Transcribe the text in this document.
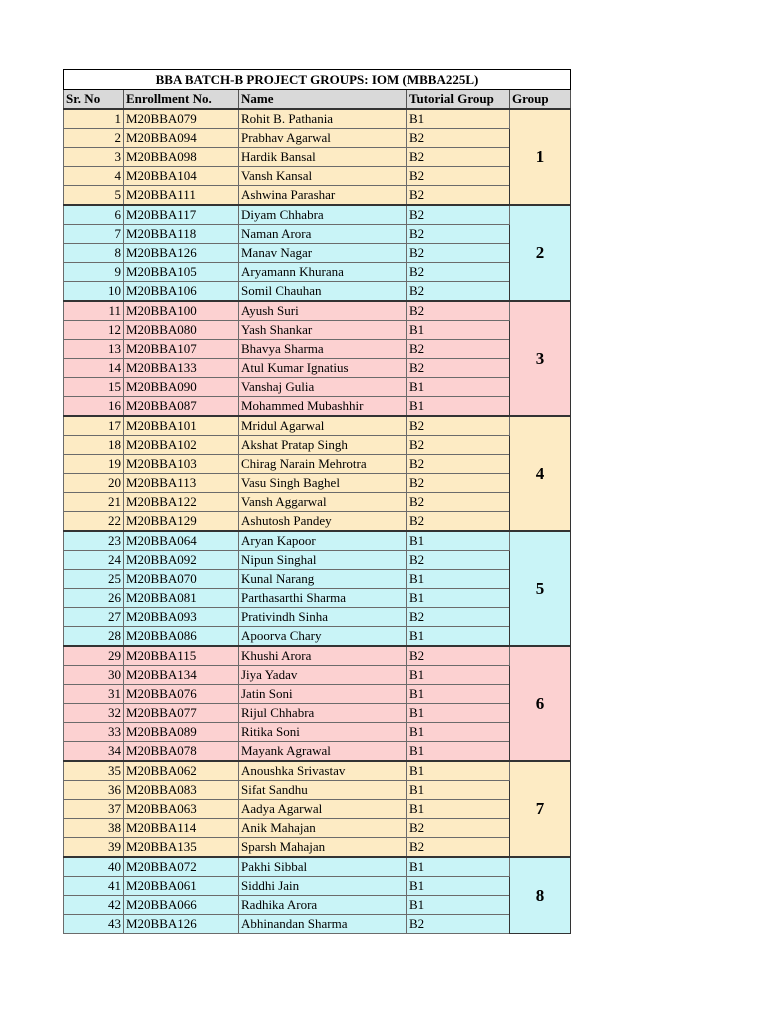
BBA BATCH-B PROJECT GROUPS: IOM (MBBA225L)				
Sr. No	Enrollment No.	Name	Tutorial Group	Group
1	M20BBA079	Rohit B. Pathania	B1	1
2	M20BBA094	Prabhav Agarwal	B2	
3	M20BBA098	Hardik Bansal	B2	
4	M20BBA104	Vansh Kansal	B2	
5	M20BBA111	Ashwina Parashar	B2	
6	M20BBA117	Diyam Chhabra	B2	2
7	M20BBA118	Naman Arora	B2	
8	M20BBA126	Manav Nagar	B2	
9	M20BBA105	Aryamann Khurana	B2	
10	M20BBA106	Somil Chauhan	B2	
11	M20BBA100	Ayush Suri	B2	3
12	M20BBA080	Yash Shankar	B1	
13	M20BBA107	Bhavya Sharma	B2	
14	M20BBA133	Atul Kumar Ignatius	B2	
15	M20BBA090	Vanshaj Gulia	B1	
16	M20BBA087	Mohammed Mubashhir	B1	
17	M20BBA101	Mridul Agarwal	B2	4
18	M20BBA102	Akshat Pratap Singh	B2	
19	M20BBA103	Chirag Narain Mehrotra	B2	
20	M20BBA113	Vasu Singh Baghel	B2	
21	M20BBA122	Vansh Aggarwal	B2	
22	M20BBA129	Ashutosh Pandey	B2	
23	M20BBA064	Aryan Kapoor	B1	5
24	M20BBA092	Nipun Singhal	B2	
25	M20BBA070	Kunal Narang	B1	
26	M20BBA081	Parthasarthi Sharma	B1	
27	M20BBA093	Prativindh Sinha	B2	
28	M20BBA086	Apoorva Chary	B1	
29	M20BBA115	Khushi Arora	B2	6
30	M20BBA134	Jiya Yadav	B1	
31	M20BBA076	Jatin Soni	B1	
32	M20BBA077	Rijul Chhabra	B1	
33	M20BBA089	Ritika Soni	B1	
34	M20BBA078	Mayank Agrawal	B1	
35	M20BBA062	Anoushka Srivastav	B1	7
36	M20BBA083	Sifat Sandhu	B1	
37	M20BBA063	Aadya Agarwal	B1	
38	M20BBA114	Anik Mahajan	B2	
39	M20BBA135	Sparsh Mahajan	B2	
40	M20BBA072	Pakhi Sibbal	B1	8
41	M20BBA061	Siddhi Jain	B1	
42	M20BBA066	Radhika Arora	B1	
43	M20BBA126	Abhinandan Sharma	B2	
